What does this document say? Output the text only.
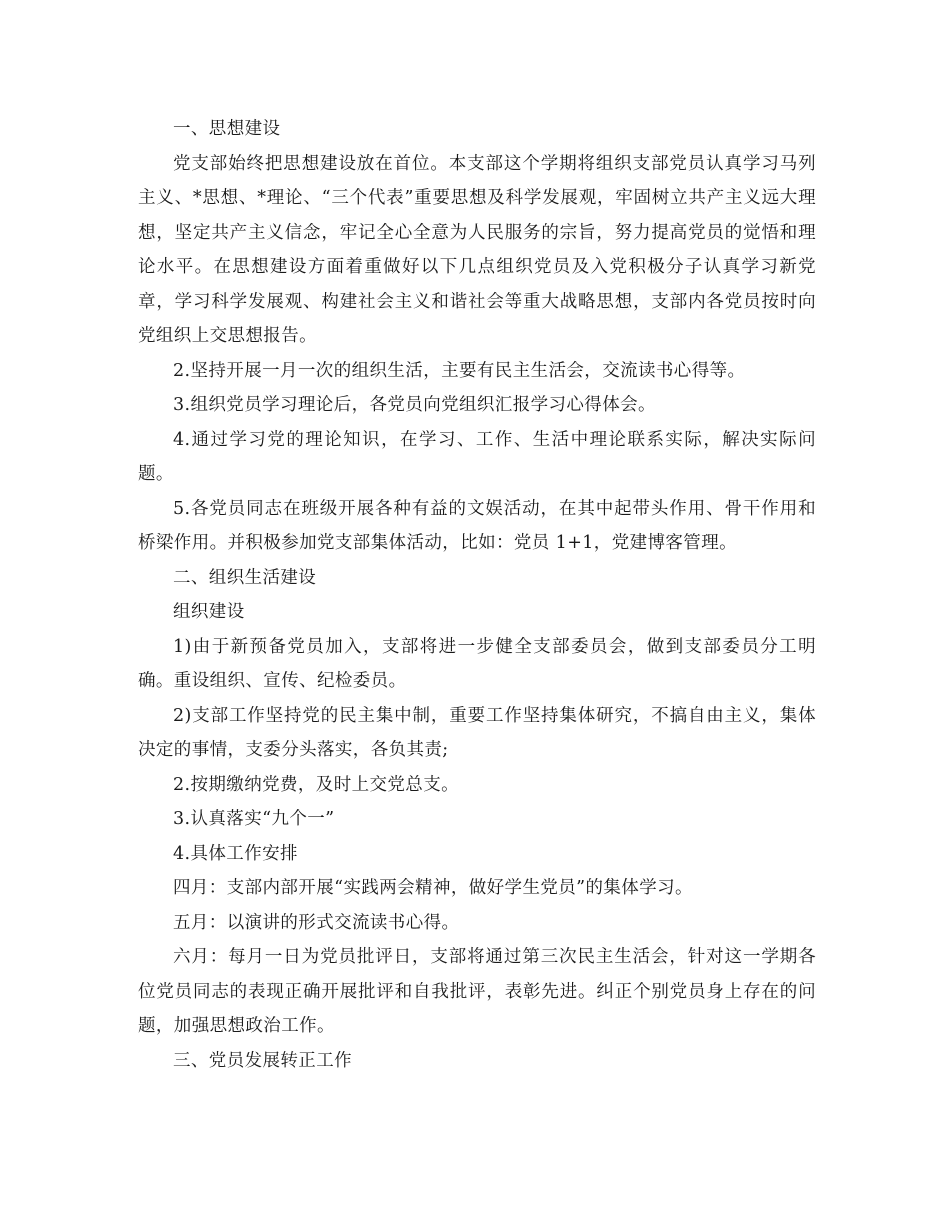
一、思想建设

党支部始终把思想建设放在首位。本支部这个学期将组织支部党员认真学习马列主义、*思想、*理论、“三个代表”重要思想及科学发展观，牢固树立共产主义远大理想，坚定共产主义信念，牢记全心全意为人民服务的宗旨，努力提高党员的觉悟和理论水平。在思想建设方面着重做好以下几点组织党员及入党积极分子认真学习新党章，学习科学发展观、构建社会主义和谐社会等重大战略思想，支部内各党员按时向党组织上交思想报告。

2.坚持开展一月一次的组织生活，主要有民主生活会，交流读书心得等。

3.组织党员学习理论后，各党员向党组织汇报学习心得体会。

4.通过学习党的理论知识，在学习、工作、生活中理论联系实际，解决实际问题。

5.各党员同志在班级开展各种有益的文娱活动，在其中起带头作用、骨干作用和桥梁作用。并积极参加党支部集体活动，比如：党员 1+1，党建博客管理。

二、组织生活建设

组织建设

1)由于新预备党员加入，支部将进一步健全支部委员会，做到支部委员分工明确。重设组织、宣传、纪检委员。

2)支部工作坚持党的民主集中制，重要工作坚持集体研究，不搞自由主义，集体决定的事情，支委分头落实，各负其责;

2.按期缴纳党费，及时上交党总支。

3.认真落实“九个一”

4.具体工作安排

四月：支部内部开展“实践两会精神，做好学生党员”的集体学习。

五月：以演讲的形式交流读书心得。

六月：每月一日为党员批评日，支部将通过第三次民主生活会，针对这一学期各位党员同志的表现正确开展批评和自我批评，表彰先进。纠正个别党员身上存在的问题，加强思想政治工作。

三、党员发展转正工作
